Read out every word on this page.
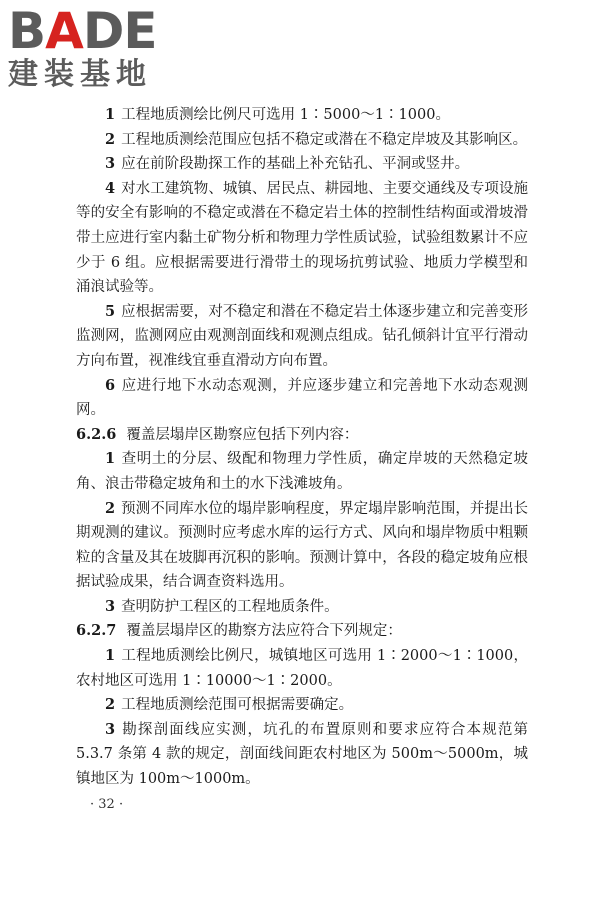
BADE
建装基地

1 工程地质测绘比例尺可选用 1∶5000～1∶1000。

2 工程地质测绘范围应包括不稳定或潜在不稳定岸坡及其影响区。

3 应在前阶段勘探工作的基础上补充钻孔、平洞或竖井。

4 对水工建筑物、城镇、居民点、耕园地、主要交通线及专项设施等的安全有影响的不稳定或潜在不稳定岩土体的控制性结构面或滑坡滑带土应进行室内黏土矿物分析和物理力学性质试验，试验组数累计不应少于 6 组。应根据需要进行滑带土的现场抗剪试验、地质力学模型和涌浪试验等。

5 应根据需要，对不稳定和潜在不稳定岩土体逐步建立和完善变形监测网，监测网应由观测剖面线和观测点组成。钻孔倾斜计宜平行滑动方向布置，视准线宜垂直滑动方向布置。

6 应进行地下水动态观测，并应逐步建立和完善地下水动态观测网。

6.2.6 覆盖层塌岸区勘察应包括下列内容：

1 查明土的分层、级配和物理力学性质，确定岸坡的天然稳定坡角、浪击带稳定坡角和土的水下浅滩坡角。

2 预测不同库水位的塌岸影响程度，界定塌岸影响范围，并提出长期观测的建议。预测时应考虑水库的运行方式、风向和塌岸物质中粗颗粒的含量及其在坡脚再沉积的影响。预测计算中，各段的稳定坡角应根据试验成果，结合调查资料选用。

3 查明防护工程区的工程地质条件。

6.2.7 覆盖层塌岸区的勘察方法应符合下列规定：

1 工程地质测绘比例尺，城镇地区可选用 1∶2000～1∶1000，农村地区可选用 1∶10000～1∶2000。

2 工程地质测绘范围可根据需要确定。

3 勘探剖面线应实测，坑孔的布置原则和要求应符合本规范第 5.3.7 条第 4 款的规定，剖面线间距农村地区为 500m～5000m，城镇地区为 100m～1000m。

· 32 ·
